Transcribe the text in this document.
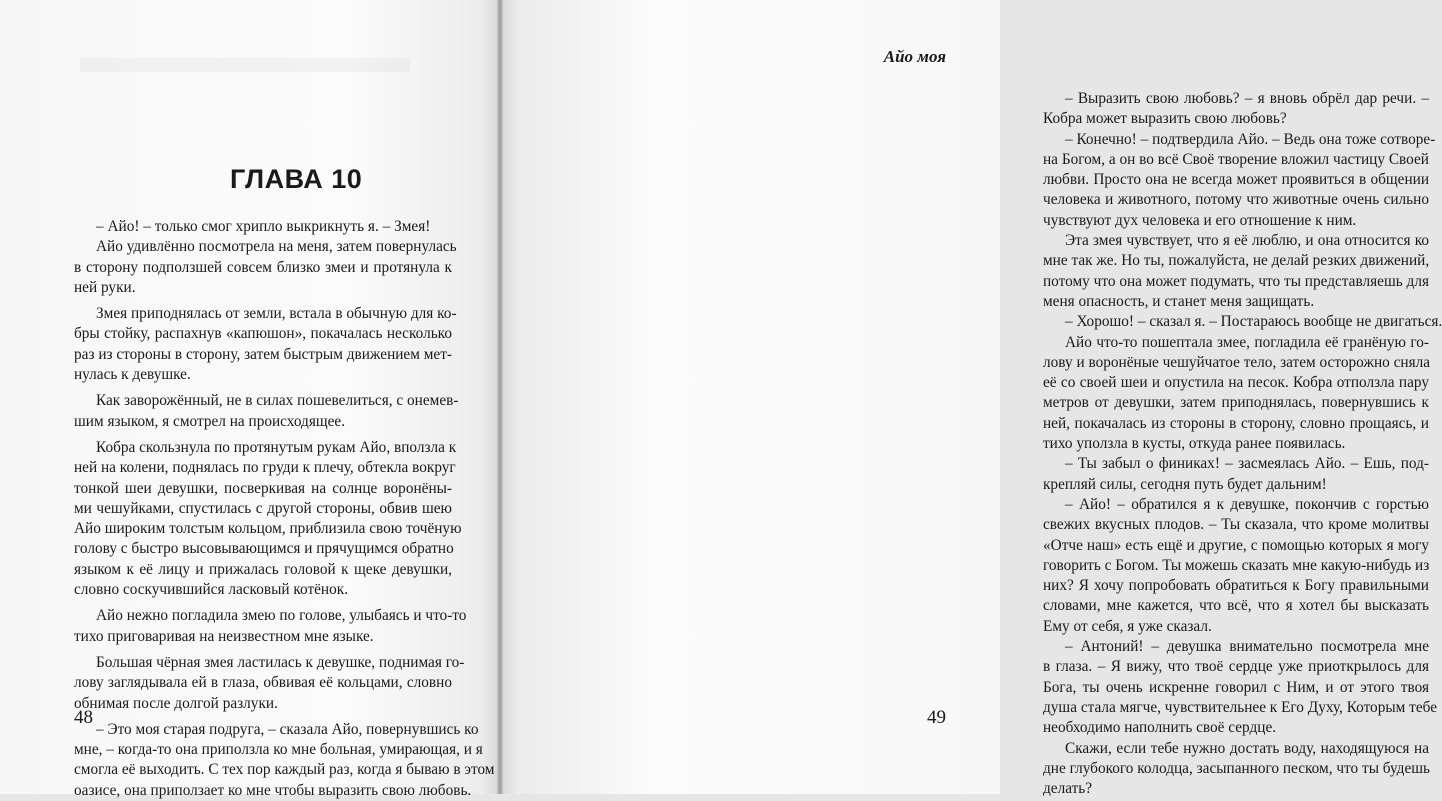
ГЛАВА 10
– Айо! – только смог хрипло выкрикнуть я. – Змея!
Айо удивлённо посмотрела на меня, затем повернулась
в сторону подползшей совсем близко змеи и протянула к
ней руки.
Змея приподнялась от земли, встала в обычную для ко-
бры стойку, распахнув «капюшон», покачалась несколько
раз из стороны в сторону, затем быстрым движением мет-
нулась к девушке.
Как заворожённый, не в силах пошевелиться, с онемев-
шим языком, я смотрел на происходящее.
Кобра скользнула по протянутым рукам Айо, вползла к
ней на колени, поднялась по груди к плечу, обтекла вокруг
тонкой шеи девушки, посверкивая на солнце воронёны-
ми чешуйками, спустилась с другой стороны, обвив шею
Айо широким толстым кольцом, приблизила свою точёную
голову с быстро высовывающимся и прячущимся обратно
языком к её лицу и прижалась головой к щеке девушки,
словно соскучившийся ласковый котёнок.
Айо нежно погладила змею по голове, улыбаясь и что-то
тихо приговаривая на неизвестном мне языке.
Большая чёрная змея ластилась к девушке, поднимая го-
лову заглядывала ей в глаза, обвивая её кольцами, словно
обнимая после долгой разлуки.
– Это моя старая подруга, – сказала Айо, повернувшись ко
мне, – когда-то она приползла ко мне больная, умирающая, и я
смогла её выходить. С тех пор каждый раз, когда я бываю в этом
оазисе, она приползает ко мне чтобы выразить свою любовь.
48
Айо моя
– Выразить свою любовь? – я вновь обрёл дар речи. –
Кобра может выразить свою любовь?
– Конечно! – подтвердила Айо. – Ведь она тоже сотворе-
на Богом, а он во всё Своё творение вложил частицу Своей
любви. Просто она не всегда может проявиться в общении
человека и животного, потому что животные очень сильно
чувствуют дух человека и его отношение к ним.
Эта змея чувствует, что я её люблю, и она относится ко
мне так же. Но ты, пожалуйста, не делай резких движений,
потому что она может подумать, что ты представляешь для
меня опасность, и станет меня защищать.
– Хорошо! – сказал я. – Постараюсь вообще не двигаться.
Айо что-то пошептала змее, погладила её гранёную го-
лову и воронёные чешуйчатое тело, затем осторожно сняла
её со своей шеи и опустила на песок. Кобра отползла пару
метров от девушки, затем приподнялась, повернувшись к
ней, покачалась из стороны в сторону, словно прощаясь, и
тихо уползла в кусты, откуда ранее появилась.
– Ты забыл о финиках! – засмеялась Айо. – Ешь, под-
крепляй силы, сегодня путь будет дальним!
– Айо! – обратился я к девушке, покончив с горстью
свежих вкусных плодов. – Ты сказала, что кроме молитвы
«Отче наш» есть ещё и другие, с помощью которых я могу
говорить с Богом. Ты можешь сказать мне какую-нибудь из
них? Я хочу попробовать обратиться к Богу правильными
словами, мне кажется, что всё, что я хотел бы высказать
Ему от себя, я уже сказал.
– Антоний! – девушка внимательно посмотрела мне
в глаза. – Я вижу, что твоё сердце уже приоткрылось для
Бога, ты очень искренне говорил с Ним, и от этого твоя
душа стала мягче, чувствительнее к Его Духу, Которым тебе
необходимо наполнить своё сердце.
Скажи, если тебе нужно достать воду, находящуюся на
дне глубокого колодца, засыпанного песком, что ты будешь
делать?
49
